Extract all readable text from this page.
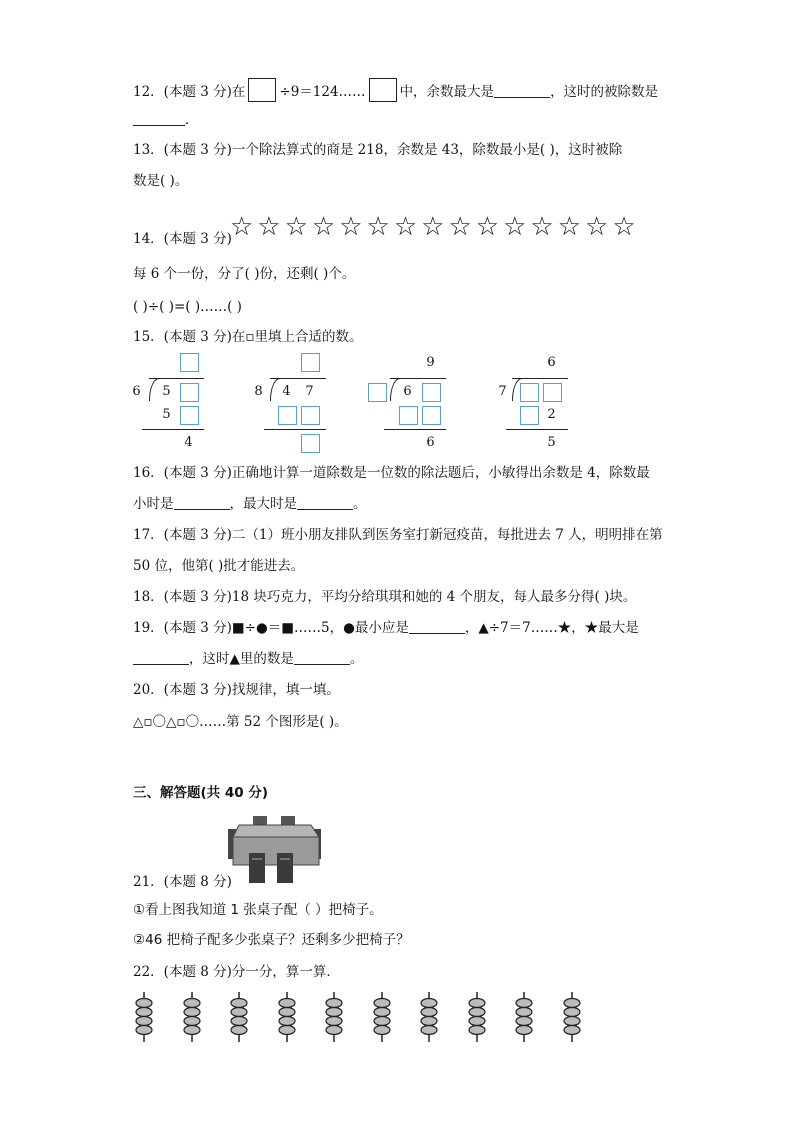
12．(本题 3 分)在	÷9＝124……	中，余数最大是	，这时的被除数是
．
13．(本题 3 分)一个除法算式的商是 218，余数是 43，除数最小是( )，这时被除
数是( )。
14．(本题 3 分)
☆☆☆☆☆☆☆☆☆☆☆☆☆☆☆
每 6 个一份，分了( )份，还剩( )个。
( )÷( )=( )……( )
15．(本题 3 分)在▫里填上合适的数。
6	5
5
4
8	4	7
9
6
6
6
7
2
5
16．(本题 3 分)正确地计算一道除数是一位数的除法题后，小敏得出余数是 4，除数最
小时是	，最大时是	。
17．(本题 3 分)二（1）班小朋友排队到医务室打新冠疫苗，每批进去 7 人，明明排在第
50 位，他第( )批才能进去。
18．(本题 3 分)18 块巧克力，平均分给琪琪和她的 4 个朋友，每人最多分得( )块。
19．(本题 3 分)■÷●＝■……5，●最小应是	，▲÷7＝7……★，★最大是
，这时▲里的数是	。
20．(本题 3 分)找规律，填一填。
△▫〇△▫〇……第 52 个图形是( )。
三、解答题(共 40 分)
21．(本题 8 分)
①看上图我知道 1 张桌子配（ ）把椅子。
②46 把椅子配多少张桌子？还剩多少把椅子？
22．(本题 8 分)分一分，算一算．
